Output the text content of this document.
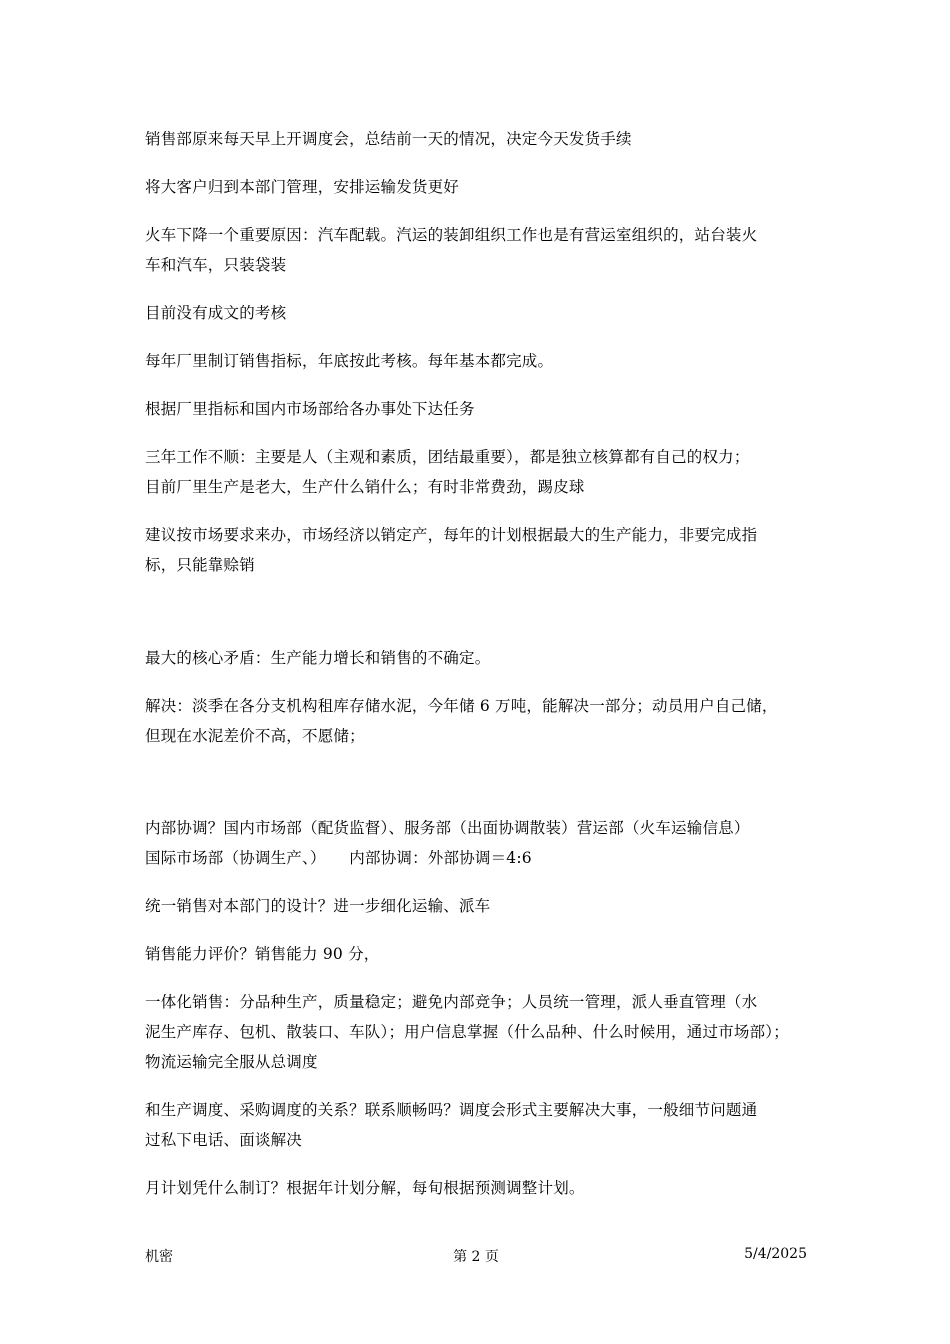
销售部原来每天早上开调度会，总结前一天的情况，决定今天发货手续

将大客户归到本部门管理，安排运输发货更好

火车下降一个重要原因：汽车配载。汽运的装卸组织工作也是有营运室组织的，站台装火
车和汽车，只装袋装

目前没有成文的考核

每年厂里制订销售指标，年底按此考核。每年基本都完成。

根据厂里指标和国内市场部给各办事处下达任务

三年工作不顺：主要是人（主观和素质，团结最重要），都是独立核算都有自己的权力；
目前厂里生产是老大，生产什么销什么；有时非常费劲，踢皮球

建议按市场要求来办，市场经济以销定产，每年的计划根据最大的生产能力，非要完成指
标，只能靠赊销

最大的核心矛盾：生产能力增长和销售的不确定。

解决：淡季在各分支机构租库存储水泥，今年储 6 万吨，能解决一部分；动员用户自己储，
但现在水泥差价不高，不愿储；

内部协调？国内市场部（配货监督）、服务部（出面协调散装）营运部（火车运输信息）
国际市场部（协调生产、）　　内部协调：外部协调＝4:6

统一销售对本部门的设计？进一步细化运输、派车

销售能力评价？销售能力 90 分，

一体化销售：分品种生产，质量稳定；避免内部竞争；人员统一管理，派人垂直管理（水
泥生产库存、包机、散装口、车队）；用户信息掌握（什么品种、什么时候用，通过市场部）；
物流运输完全服从总调度

和生产调度、采购调度的关系？联系顺畅吗？调度会形式主要解决大事，一般细节问题通
过私下电话、面谈解决

月计划凭什么制订？根据年计划分解，每旬根据预测调整计划。

机密	第 2 页	5/4/2025
